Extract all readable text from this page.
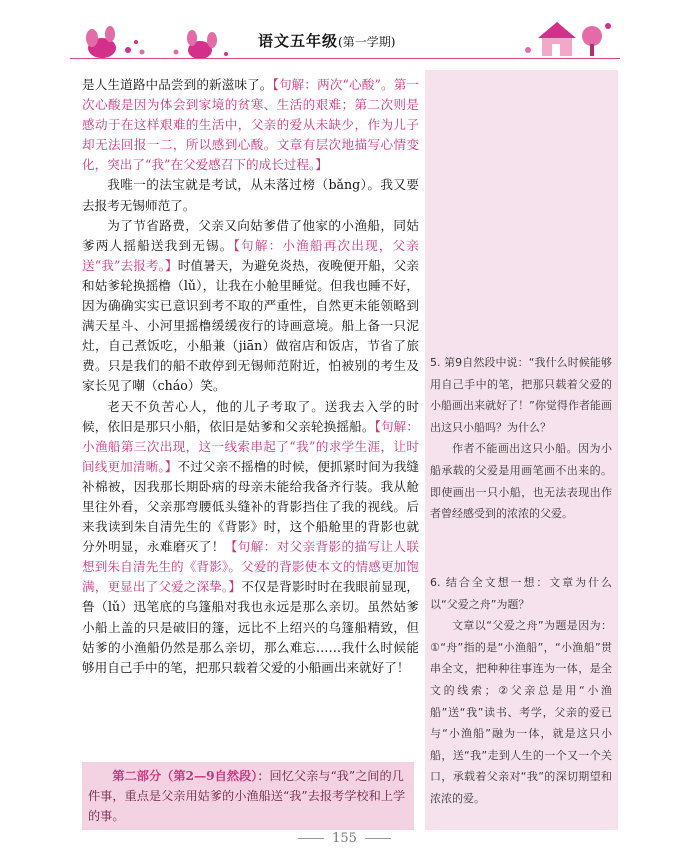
语文五年级(第一学期)

是人生道路中品尝到的新滋味了。【句解：两次“心酸”。第一次心酸是因为体会到家境的贫寒、生活的艰难；第二次则是感动于在这样艰难的生活中，父亲的爱从未缺少，作为儿子却无法回报一二，所以感到心酸。文章有层次地描写心情变化，突出了“我”在父爱感召下的成长过程。】

我唯一的法宝就是考试，从未落过榜（bǎng）。我又要去报考无锡师范了。

为了节省路费，父亲又向姑爹借了他家的小渔船，同姑爹两人摇船送我到无锡。【句解：小渔船再次出现，父亲送“我”去报考。】时值暑天，为避免炎热，夜晚便开船，父亲和姑爹轮换摇橹（lǔ），让我在小舱里睡觉。但我也睡不好，因为确确实实已意识到考不取的严重性，自然更未能领略到满天星斗、小河里摇橹缓缓夜行的诗画意境。船上备一只泥灶，自己煮饭吃，小船兼（jiān）做宿店和饭店，节省了旅费。只是我们的船不敢停到无锡师范附近，怕被别的考生及家长见了嘲（cháo）笑。

老天不负苦心人，他的儿子考取了。送我去入学的时候，依旧是那只小船，依旧是姑爹和父亲轮换摇船。【句解：小渔船第三次出现，这一线索串起了“我”的求学生涯，让时间线更加清晰。】不过父亲不摇橹的时候，便抓紧时间为我缝补棉被，因我那长期卧病的母亲未能给我备齐行装。我从舱里往外看，父亲那弯腰低头缝补的背影挡住了我的视线。后来我读到朱自清先生的《背影》时，这个船舱里的背影也就分外明显，永难磨灭了！【句解：对父亲背影的描写让人联想到朱自清先生的《背影》。父爱的背影使本文的情感更加饱满，更显出了父爱之深挚。】不仅是背影时时在我眼前显现，鲁（lǔ）迅笔底的乌篷船对我也永远是那么亲切。虽然姑爹小船上盖的只是破旧的篷，远比不上绍兴的乌篷船精致，但姑爹的小渔船仍然是那么亲切，那么难忘……我什么时候能够用自己手中的笔，把那只载着父爱的小船画出来就好了！

第二部分（第2—9自然段）：回忆父亲与“我”之间的几件事，重点是父亲用姑爹的小渔船送“我”去报考学校和上学的事。

5. 第9自然段中说：“我什么时候能够用自己手中的笔，把那只载着父爱的小船画出来就好了！”你觉得作者能画出这只小船吗？为什么？

作者不能画出这只小船。因为小船承载的父爱是用画笔画不出来的。即使画出一只小船，也无法表现出作者曾经感受到的浓浓的父爱。

6. 结合全文想一想：文章为什么以“父爱之舟”为题？

文章以“父爱之舟”为题是因为：①“舟”指的是“小渔船”，“小渔船”贯串全文，把种种往事连为一体，是全文的线索；②父亲总是用“小渔船”送“我”读书、考学，父亲的爱已与“小渔船”融为一体，就是这只小船，送“我”走到人生的一个又一个关口，承载着父亲对“我”的深切期望和浓浓的爱。

155
